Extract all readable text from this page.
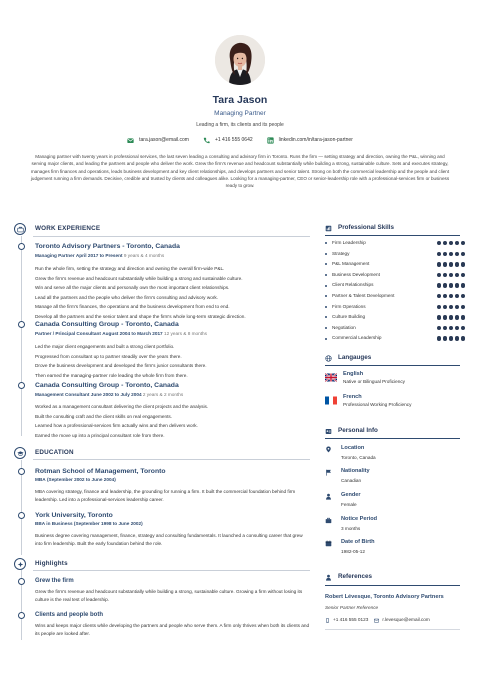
Tara Jason
Managing Partner
Leading a firm, its clients and its people
tara.jason@email.com	+1 416 555 0642	linkedin.com/in/tara-jason-partner
Managing partner with twenty years in professional services, the last seven leading a consulting and advisory firm in Toronto. Runs the firm — setting strategy and direction, owning the P&L, winning and serving major clients, and leading the partners and people who deliver the work. Grew the firm's revenue and headcount substantially while building a strong, sustainable culture. Sets and executes strategy, manages firm finances and operations, leads business development and key client relationships, and develops partners and senior talent. Strong on both the commercial leadership and the people and client judgement running a firm demands. Decisive, credible and trusted by clients and colleagues alike. Looking for a managing-partner, CEO or senior-leadership role with a professional-services firm or business ready to grow.
WORK EXPERIENCE
Toronto Advisory Partners - Toronto, Canada
Managing Partner April 2017 to Present 9 years & 4 months
Run the whole firm, setting the strategy and direction and owning the overall firm-wide P&L.
Grew the firm's revenue and headcount substantially while building a strong and sustainable culture.
Win and serve all the major clients and personally own the most important client relationships.
Lead all the partners and the people who deliver the firm's consulting and advisory work.
Manage all the firm's finances, the operations and the business development from end to end.
Develop all the partners and the senior talent and shape the firm's whole long-term strategic direction.
Canada Consulting Group - Toronto, Canada
Partner / Principal Consultant August 2004 to March 2017 12 years & 8 months
Led the major client engagements and built a strong client portfolio.
Progressed from consultant up to partner steadily over the years there.
Drove the business development and developed the firm's junior consultants there.
Then earned the managing-partner role leading the whole firm from there.
Canada Consulting Group - Toronto, Canada
Management Consultant June 2002 to July 2004 2 years & 2 months
Worked as a management consultant delivering the client projects and the analysis.
Built the consulting craft and the client skills on real engagements.
Learned how a professional-services firm actually wins and then delivers work.
Earned the move up into a principal consultant role from there.
EDUCATION
Rotman School of Management, Toronto
MBA (September 2002 to June 2004)
MBA covering strategy, finance and leadership, the grounding for running a firm. It built the commercial foundation behind firm leadership. Led into a professional-services leadership career.
York University, Toronto
BBA in Business (September 1998 to June 2002)
Business degree covering management, finance, strategy and consulting fundamentals. It launched a consulting career that grew into firm leadership. Built the early foundation behind the role.
Highlights
Grew the firm
Grew the firm's revenue and headcount substantially while building a strong, sustainable culture. Growing a firm without losing its culture is the real test of leadership.
Clients and people both
Wins and keeps major clients while developing the partners and people who serve them. A firm only thrives when both its clients and its people are looked after.
Professional Skills
Firm Leadership
Strategy
P&L Management
Business Development
Client Relationships
Partner & Talent Development
Firm Operations
Culture Building
Negotiation
Commercial Leadership
Langauges
English
Native or Bilingual Proficiency
French
Professional Working Proficiency
Personal Info
Location
Toronto, Canada
Nationality
Canadian
Gender
Female
Notice Period
3 months
Date of Birth
1982-05-12
References
Robert Lévesque, Toronto Advisory Partners
Senior Partner Reference
+1 416 555 0123	r.levesque@email.com
